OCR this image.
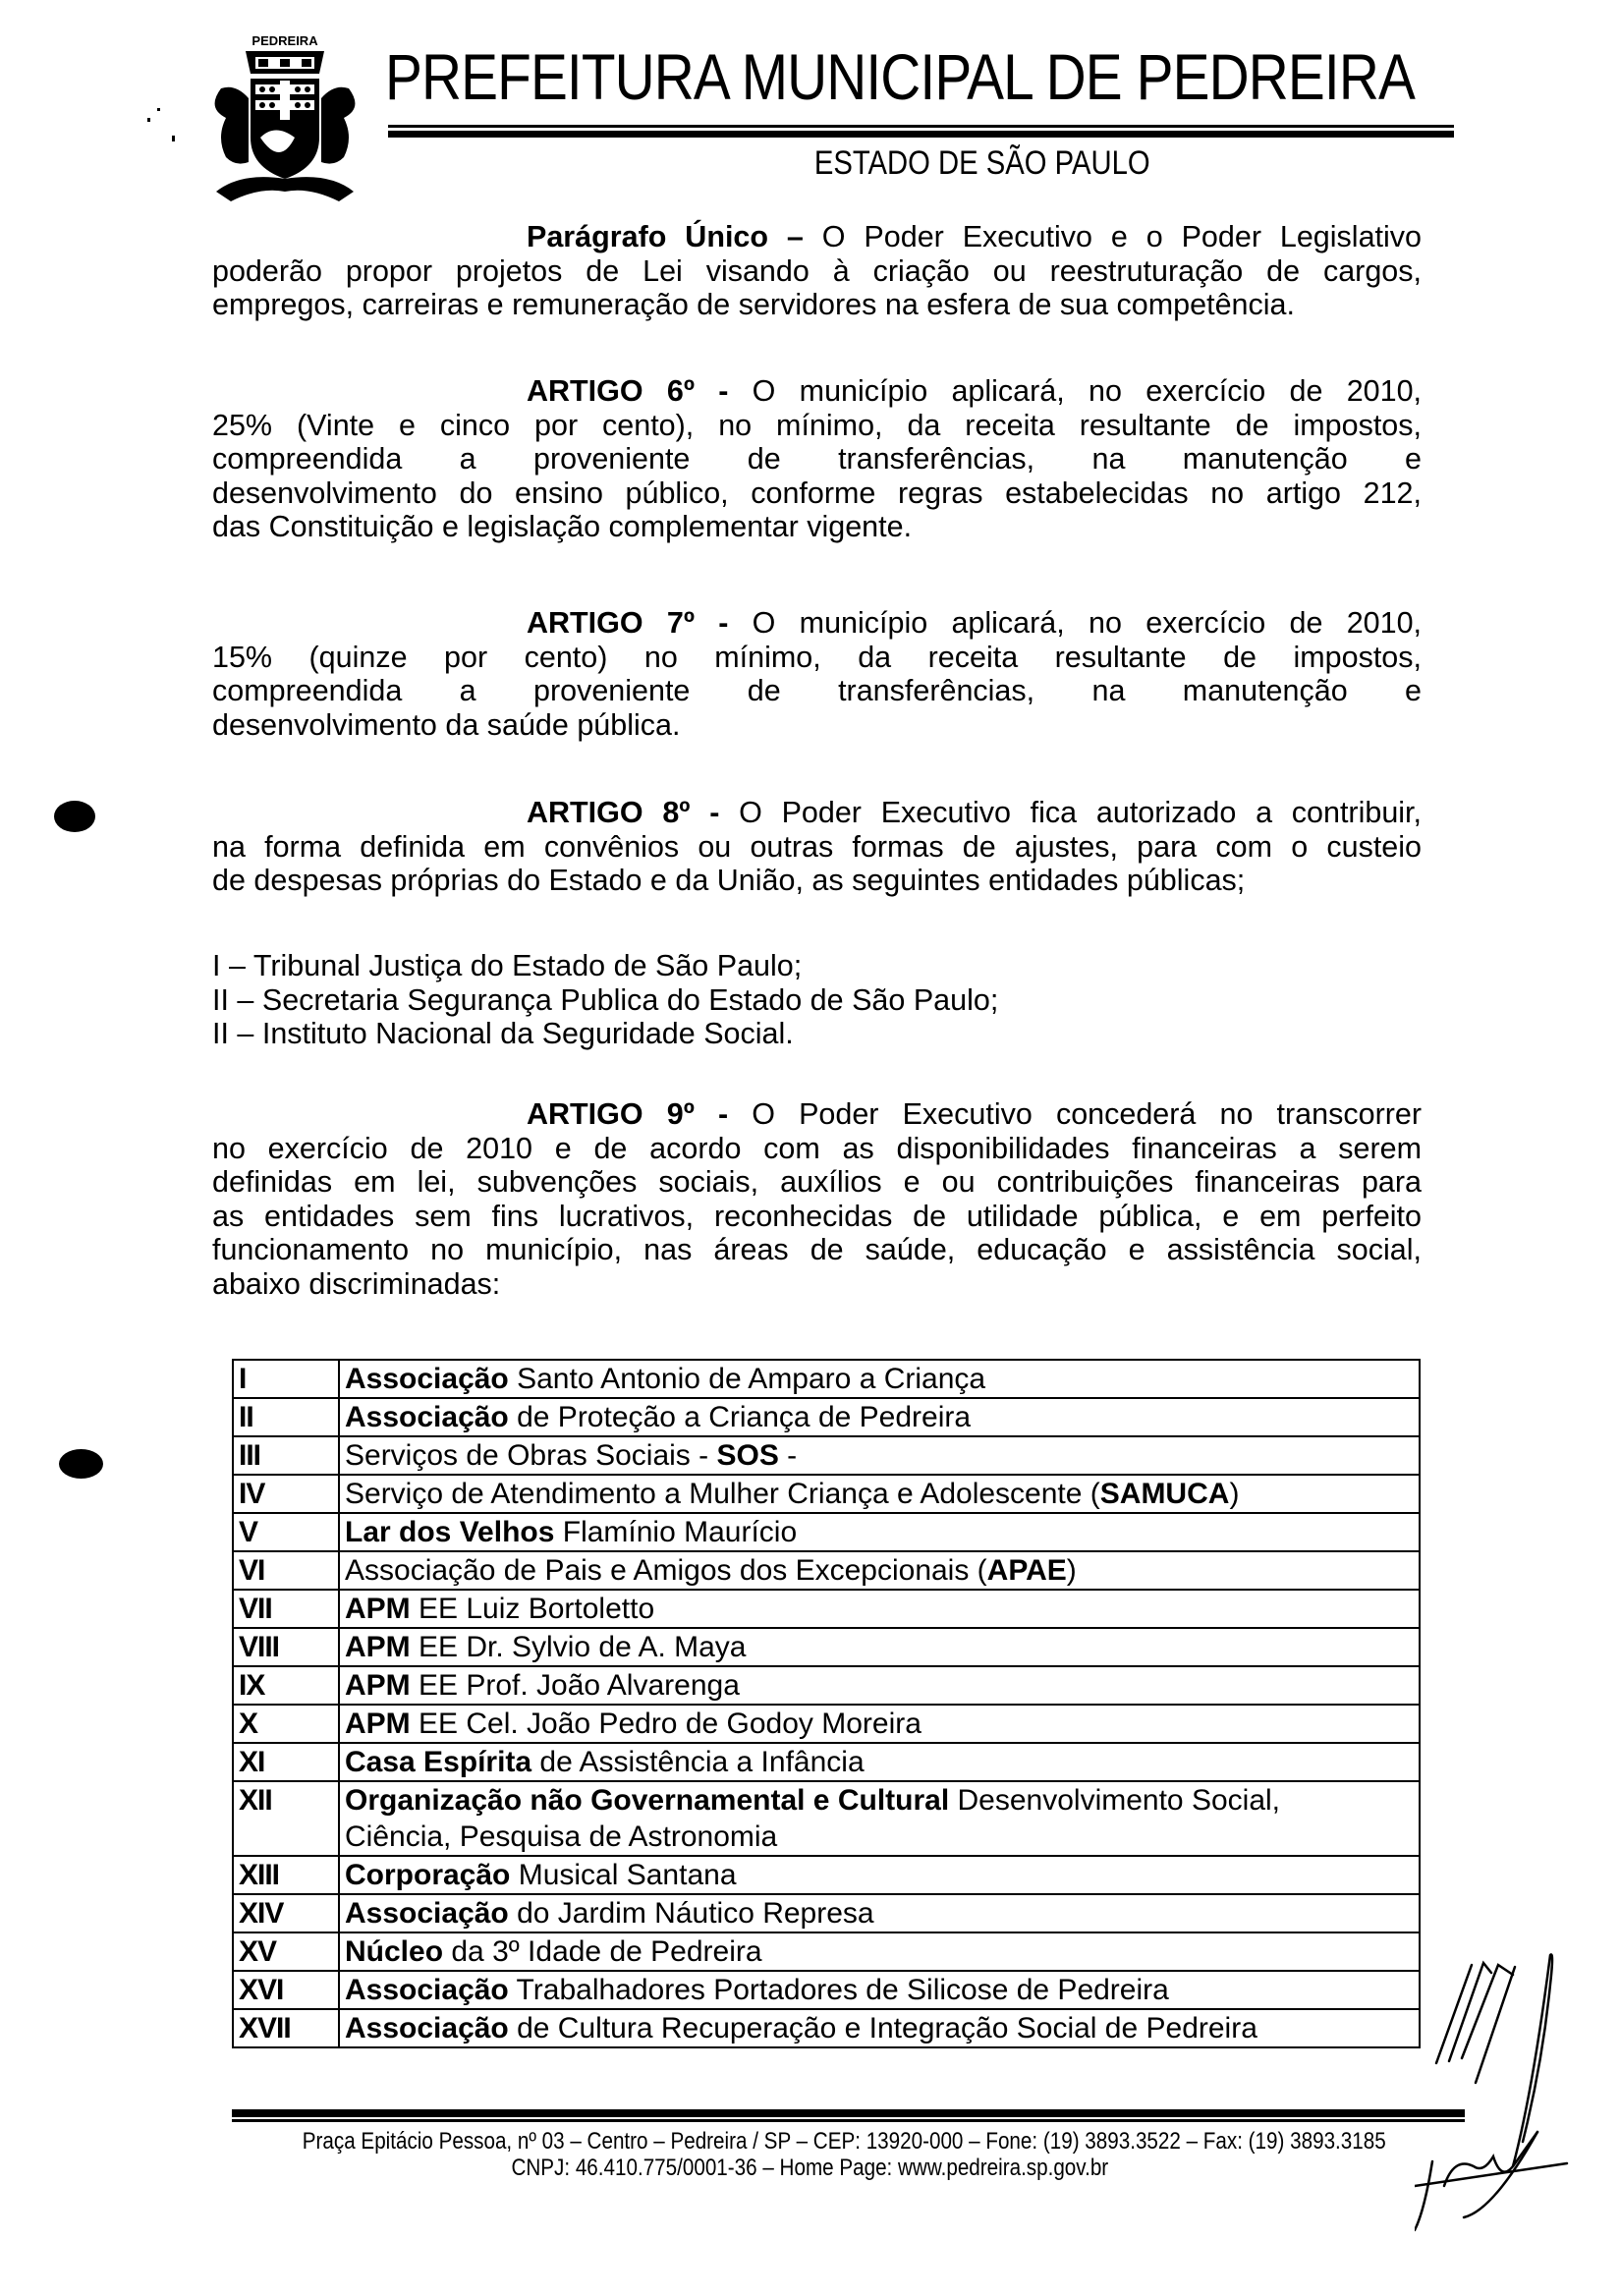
PEDREIRA PREFEITURA MUNICIPAL DE PEDREIRA
ESTADO DE SÃO PAULO
Parágrafo Único – O Poder Executivo e o Poder Legislativo
poderão propor projetos de Lei visando à criação ou reestruturação de cargos,
empregos, carreiras e remuneração de servidores na esfera de sua competência.
ARTIGO 6º - O município aplicará, no exercício de 2010,
25% (Vinte e cinco por cento), no mínimo, da receita resultante de impostos,
compreendida a proveniente de transferências, na manutenção e
desenvolvimento do ensino público, conforme regras estabelecidas no artigo 212,
das Constituição e legislação complementar vigente.
ARTIGO 7º - O município aplicará, no exercício de 2010,
15% (quinze por cento) no mínimo, da receita resultante de impostos,
compreendida a proveniente de transferências, na manutenção e
desenvolvimento da saúde pública.
ARTIGO 8º - O Poder Executivo fica autorizado a contribuir,
na forma definida em convênios ou outras formas de ajustes, para com o custeio
de despesas próprias do Estado e da União, as seguintes entidades públicas;
I – Tribunal Justiça do Estado de São Paulo;
II – Secretaria Segurança Publica do Estado de São Paulo;
II – Instituto Nacional da Seguridade Social.
ARTIGO 9º - O Poder Executivo concederá no transcorrer
no exercício de 2010 e de acordo com as disponibilidades financeiras a serem
definidas em lei, subvenções sociais, auxílios e ou contribuições financeiras para
as entidades sem fins lucrativos, reconhecidas de utilidade pública, e em perfeito
funcionamento no município, nas áreas de saúde, educação e assistência social,
abaixo discriminadas:
I	Associação Santo Antonio de Amparo a Criança
II	Associação de Proteção a Criança de Pedreira
III	Serviços de Obras Sociais - SOS -
IV	Serviço de Atendimento a Mulher Criança e Adolescente (SAMUCA)
V	Lar dos Velhos Flamínio Maurício
VI	Associação de Pais e Amigos dos Excepcionais (APAE)
VII	APM EE Luiz Bortoletto
VIII	APM EE Dr. Sylvio de A. Maya
IX	APM EE Prof. João Alvarenga
X	APM EE Cel. João Pedro de Godoy Moreira
XI	Casa Espírita de Assistência a Infância
XII	Organização não Governamental e Cultural Desenvolvimento Social,
Ciência, Pesquisa de Astronomia

XIII	Corporação Musical Santana
XIV	Associação do Jardim Náutico Represa
XV	Núcleo da 3º Idade de Pedreira
XVI	Associação Trabalhadores Portadores de Silicose de Pedreira
XVII	Associação de Cultura Recuperação e Integração Social de Pedreira
Praça Epitácio Pessoa, nº 03 – Centro – Pedreira / SP – CEP: 13920-000 – Fone: (19) 3893.3522 – Fax: (19) 3893.3185
CNPJ: 46.410.775/0001-36 – Home Page: www.pedreira.sp.gov.br
